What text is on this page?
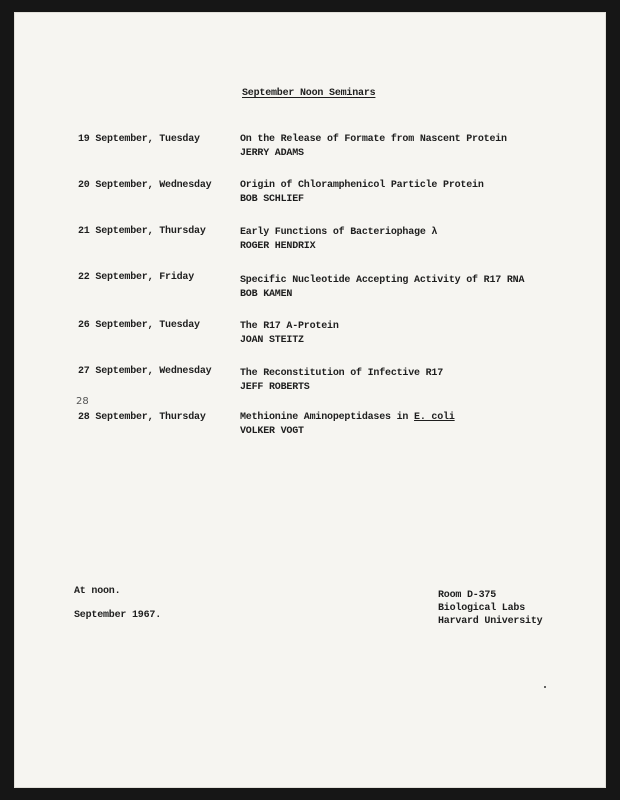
September Noon Seminars
19 September, Tuesday	On the Release of Formate from Nascent Protein
JERRY ADAMS
20 September, Wednesday	Origin of Chloramphenicol Particle Protein
BOB SCHLIEF
21 September, Thursday	Early Functions of Bacteriophage λ
ROGER HENDRIX
22 September, Friday	Specific Nucleotide Accepting Activity of R17 RNA
BOB KAMEN
26 September, Tuesday	The R17 A-Protein
JOAN STEITZ
27 September, Wednesday	The Reconstitution of Infective R17
JEFF ROBERTS
28
28 September, Thursday	Methionine Aminopeptidases in E. coli
VOLKER VOGT
At noon.
September 1967.
Room D-375
Biological Labs
Harvard University
